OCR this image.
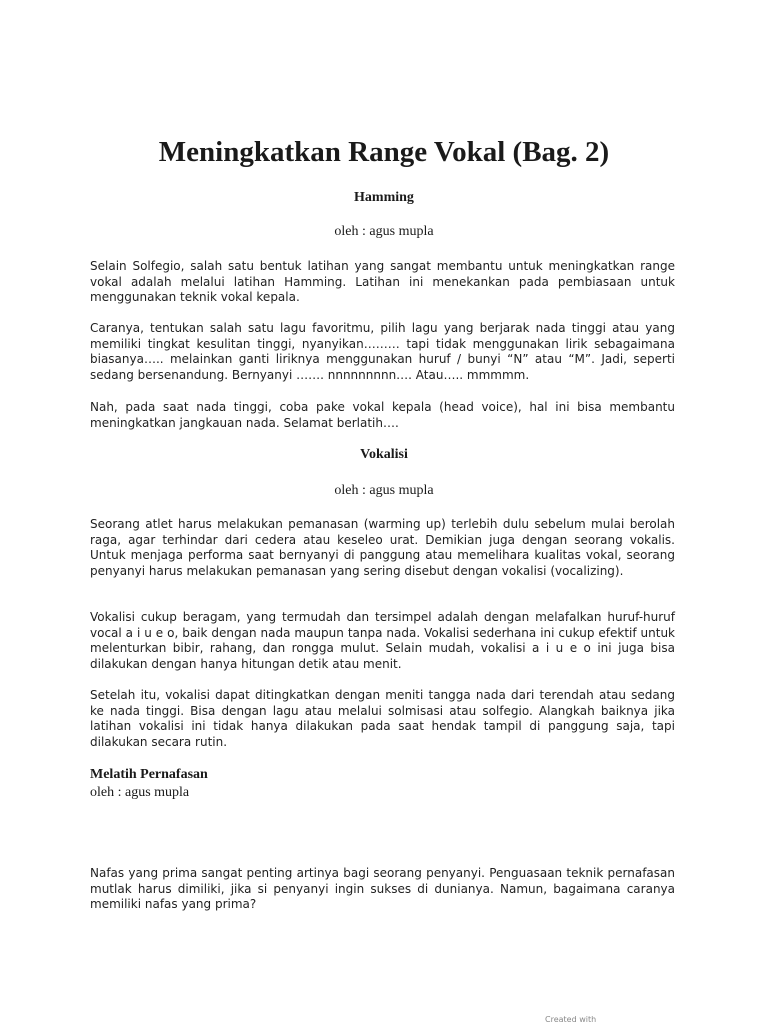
Meningkatkan Range Vokal (Bag. 2)
Hamming

oleh : agus mupla

Selain Solfegio, salah satu bentuk latihan yang sangat membantu untuk meningkatkan range vokal adalah melalui latihan Hamming. Latihan ini menekankan pada pembiasaan untuk menggunakan teknik vokal kepala.

Caranya, tentukan salah satu lagu favoritmu, pilih lagu yang berjarak nada tinggi atau yang memiliki tingkat kesulitan tinggi, nyanyikan……… tapi tidak menggunakan lirik sebagaimana biasanya….. melainkan ganti liriknya menggunakan huruf / bunyi “N” atau “M”. Jadi, seperti sedang bersenandung. Bernyanyi ……. nnnnnnnnn…. Atau….. mmmmm.

Nah, pada saat nada tinggi, coba pake vokal kepala (head voice), hal ini bisa membantu meningkatkan jangkauan nada. Selamat berlatih….

Vokalisi

oleh : agus mupla

Seorang atlet harus melakukan pemanasan (warming up) terlebih dulu sebelum mulai berolah raga, agar terhindar dari cedera atau keseleo urat. Demikian juga dengan seorang vokalis. Untuk menjaga performa saat bernyanyi di panggung atau memelihara kualitas vokal, seorang penyanyi harus melakukan pemanasan yang sering disebut dengan vokalisi (vocalizing).

Vokalisi cukup beragam, yang termudah dan tersimpel adalah dengan melafalkan huruf-huruf vocal a i u e o, baik dengan nada maupun tanpa nada. Vokalisi sederhana ini cukup efektif untuk melenturkan bibir, rahang, dan rongga mulut. Selain mudah, vokalisi a i u e o ini juga bisa dilakukan dengan hanya hitungan detik atau menit.

Setelah itu, vokalisi dapat ditingkatkan dengan meniti tangga nada dari terendah atau sedang ke nada tinggi. Bisa dengan lagu atau melalui solmisasi atau solfegio. Alangkah baiknya jika latihan vokalisi ini tidak hanya dilakukan pada saat hendak tampil di panggung saja, tapi dilakukan secara rutin.

Melatih Pernafasan

oleh : agus mupla

Nafas yang prima sangat penting artinya bagi seorang penyanyi. Penguasaan teknik pernafasan mutlak harus dimiliki, jika si penyanyi ingin sukses di dunianya. Namun, bagaimana caranya memiliki nafas yang prima?

Created with
